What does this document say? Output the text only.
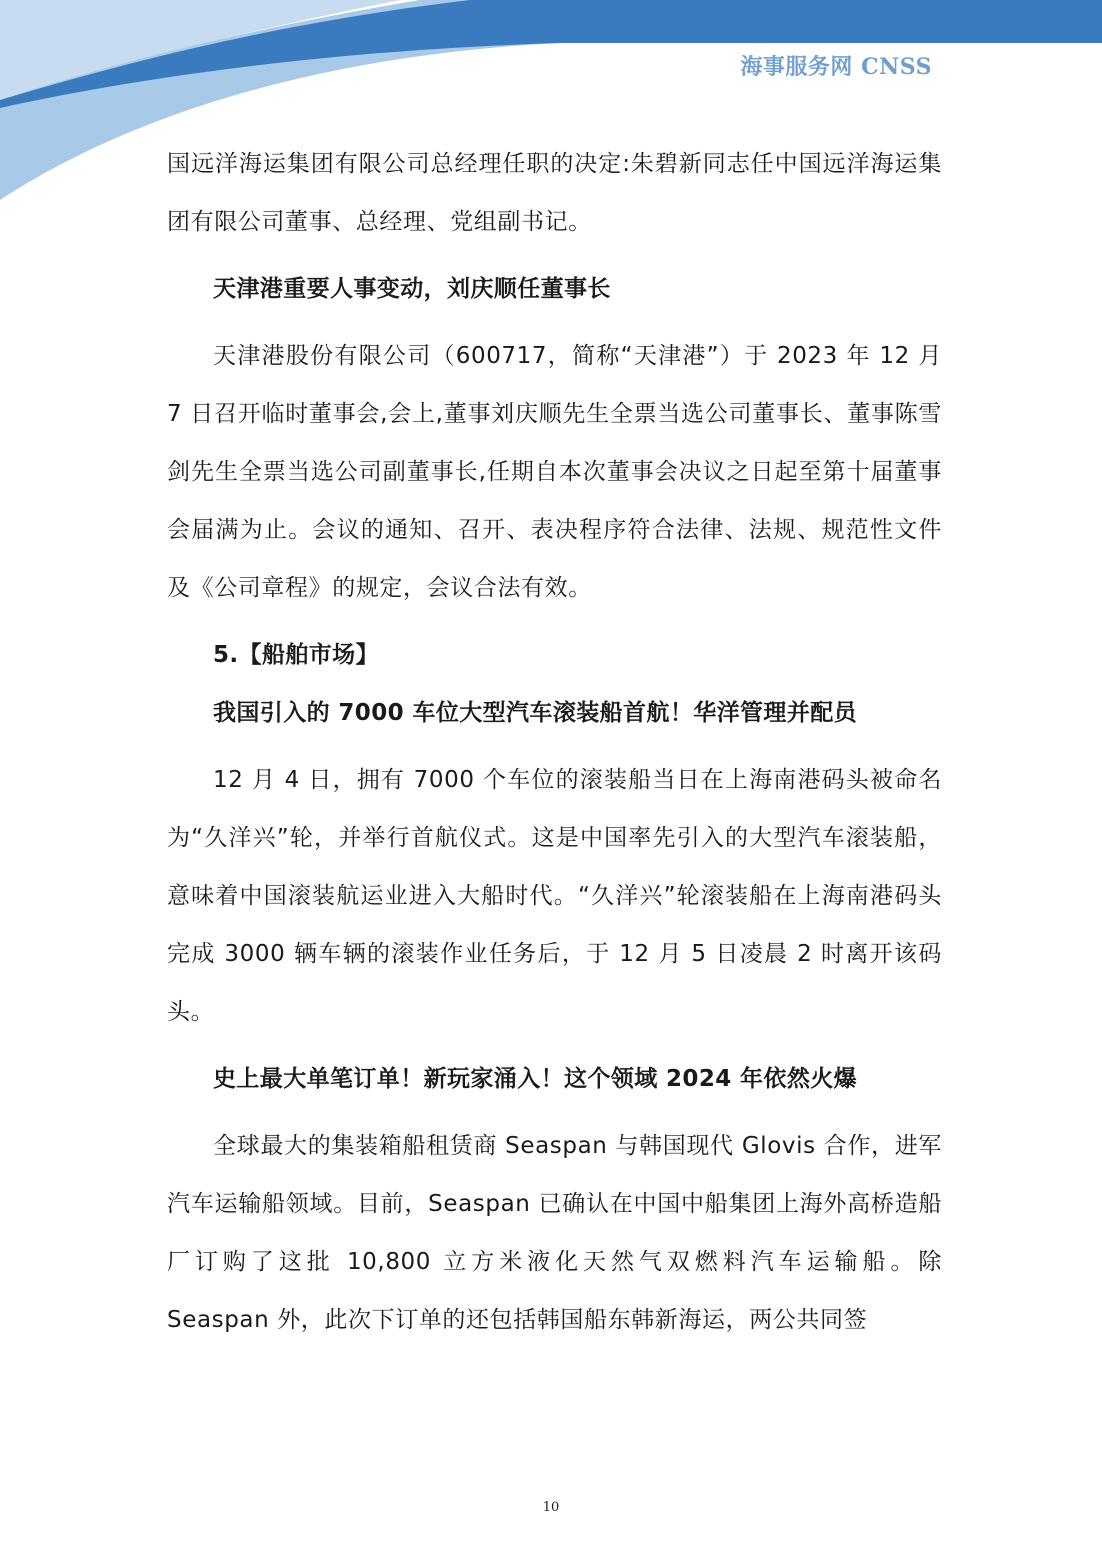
海事服务网 CNSS

国远洋海运集团有限公司总经理任职的决定:朱碧新同志任中国远洋海运集团有限公司董事、总经理、党组副书记。

天津港重要人事变动，刘庆顺任董事长

天津港股份有限公司（600717，简称“天津港”）于 2023 年 12 月 7 日召开临时董事会,会上,董事刘庆顺先生全票当选公司董事长、董事陈雪剑先生全票当选公司副董事长,任期自本次董事会决议之日起至第十届董事会届满为止。会议的通知、召开、表决程序符合法律、法规、规范性文件及《公司章程》的规定，会议合法有效。

5.【船舶市场】
我国引入的 7000 车位大型汽车滚装船首航！华洋管理并配员

12 月 4 日，拥有 7000 个车位的滚装船当日在上海南港码头被命名为“久洋兴”轮，并举行首航仪式。这是中国率先引入的大型汽车滚装船，意味着中国滚装航运业进入大船时代。“久洋兴”轮滚装船在上海南港码头完成 3000 辆车辆的滚装作业任务后，于 12 月 5 日凌晨 2 时离开该码头。

史上最大单笔订单！新玩家涌入！这个领域 2024 年依然火爆

全球最大的集装箱船租赁商 Seaspan 与韩国现代 Glovis 合作，进军汽车运输船领域。目前，Seaspan 已确认在中国中船集团上海外高桥造船厂订购了这批 10,800 立方米液化天然气双燃料汽车运输船。除 Seaspan 外，此次下订单的还包括韩国船东韩新海运，两公共同签

10
